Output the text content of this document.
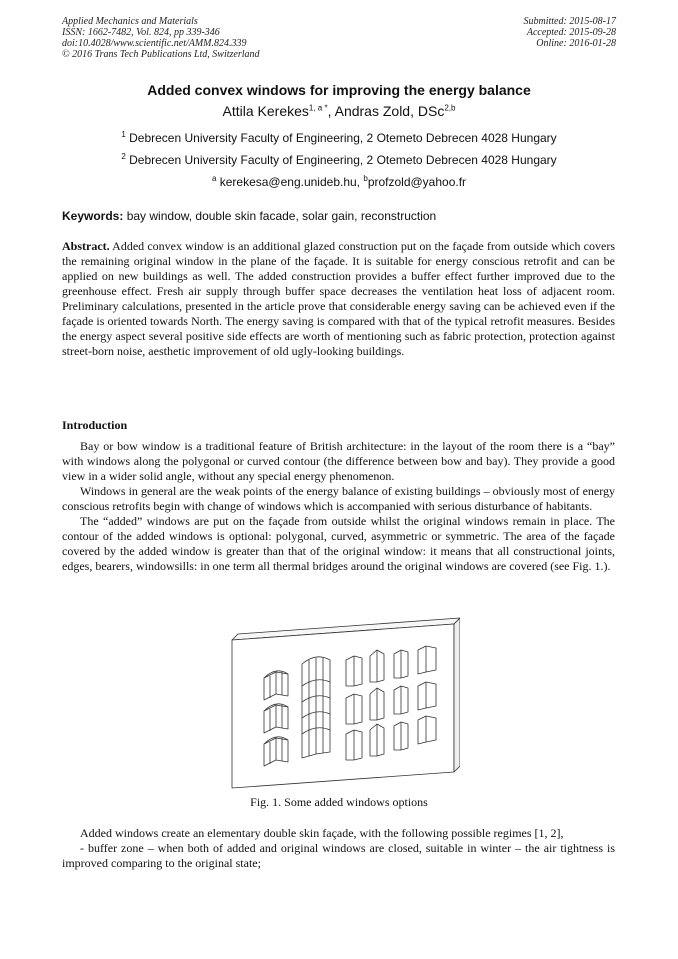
Applied Mechanics and Materials
ISSN: 1662-7482, Vol. 824, pp 339-346
doi:10.4028/www.scientific.net/AMM.824.339
© 2016 Trans Tech Publications Ltd, Switzerland
Submitted: 2015-08-17
Accepted: 2015-09-28
Online: 2016-01-28
Added convex windows for improving the energy balance
Attila Kerekes$^{1, a *}$, Andras Zold, DSc$^{2,b}$
$^1$ Debrecen University Faculty of Engineering, 2 Otemeto Debrecen 4028 Hungary
$^2$ Debrecen University Faculty of Engineering, 2 Otemeto Debrecen 4028 Hungary
$^a$ kerekesa@eng.unideb.hu, $^b$profzold@yahoo.fr
Keywords: bay window, double skin facade, solar gain, reconstruction
Abstract. Added convex window is an additional glazed construction put on the façade from outside which covers the remaining original window in the plane of the façade. It is suitable for energy conscious retrofit and can be applied on new buildings as well. The added construction provides a buffer effect further improved due to the greenhouse effect. Fresh air supply through buffer space decreases the ventilation heat loss of adjacent room. Preliminary calculations, presented in the article prove that considerable energy saving can be achieved even if the façade is oriented towards North. The energy saving is compared with that of the typical retrofit measures. Besides the energy aspect several positive side effects are worth of mentioning such as fabric protection, protection against street-born noise, aesthetic improvement of old ugly-looking buildings.
Introduction

Bay or bow window is a traditional feature of British architecture: in the layout of the room there is a “bay” with windows along the polygonal or curved contour (the difference between bow and bay). They provide a good view in a wider solid angle, without any special energy phenomenon.

Windows in general are the weak points of the energy balance of existing buildings – obviously most of energy conscious retrofits begin with change of windows which is accompanied with serious disturbance of habitants.

The “added” windows are put on the façade from outside whilst the original windows remain in place. The contour of the added windows is optional: polygonal, curved, asymmetric or symmetric. The area of the façade covered by the added window is greater than that of the original window: it means that all constructional joints, edges, bearers, windowsills: in one term all thermal bridges around the original windows are covered (see Fig. 1.).

Fig. 1. Some added windows options

Added windows create an elementary double skin façade, with the following possible regimes [1, 2],

- buffer zone – when both of added and original windows are closed, suitable in winter – the air tightness is improved comparing to the original state;
